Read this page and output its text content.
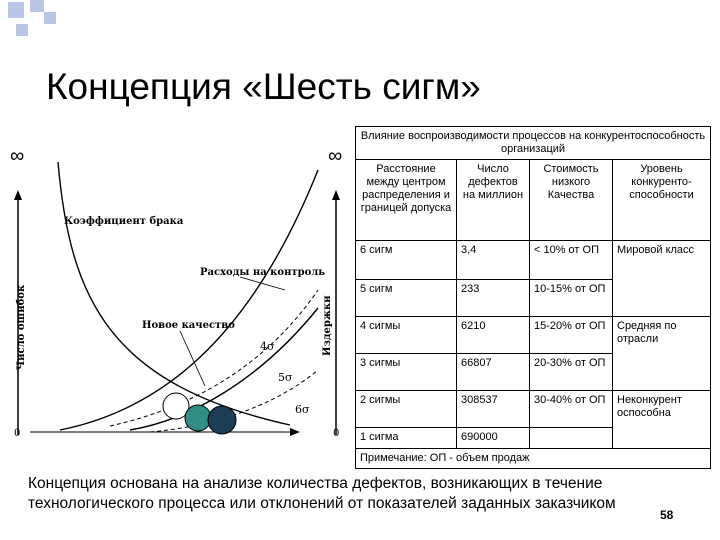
Концепция «Шесть сигм»
∞	∞
0	0
Число ошибок	Издержки
Коэффициент брака
Расходы на контроль
Новое качество
4σ
5σ
6σ
Влияние воспроизводимости процессов на конкурентоспособность организаций			
Расстояние между центром распределения и границей допуска	Число дефектов на миллион	Стоимость низкого Качества	Уровень конкуренто-способности
6 сигм	3,4	< 10% от ОП	Мировой класс
5 сигм	233	10-15% от ОП	
4 сигмы	6210	15-20% от ОП	Средняя по отрасли
3 сигмы	66807	20-30% от ОП	
2 сигмы	308537	30-40% от ОП	Неконкурент оспособна
1 сигма	690000		
Примечание: ОП - объем продаж			
Концепция основана на анализе количества дефектов, возникающих в течение технологического процесса или отклонений от показателей заданных заказчиком
58
